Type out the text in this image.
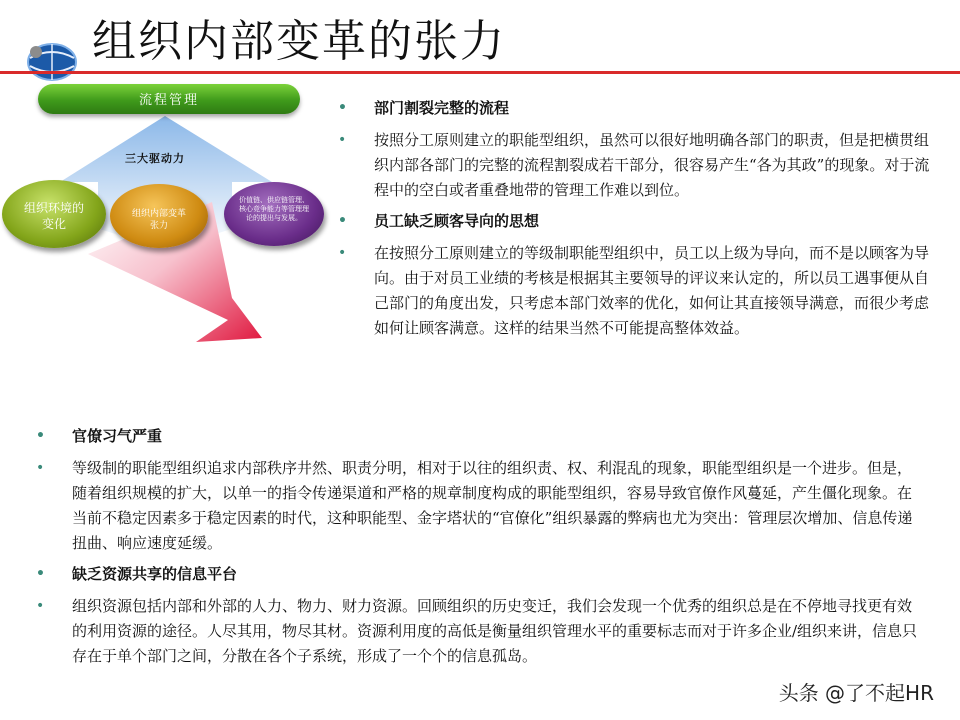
组织内部变革的张力
流程管理
三大驱动力
组织环境的
变化
组织内部变革
张力
价值链、供应链管理、核心竞争能力等管理理论的提出与发展。
• 部门割裂完整的流程
• 按照分工原则建立的职能型组织，虽然可以很好地明确各部门的职责，但是把横贯组织内部各部门的完整的流程割裂成若干部分，很容易产生“各为其政”的现象。对于流程中的空白或者重叠地带的管理工作难以到位。
• 员工缺乏顾客导向的思想
• 在按照分工原则建立的等级制职能型组织中，员工以上级为导向，而不是以顾客为导向。由于对员工业绩的考核是根据其主要领导的评议来认定的，所以员工遇事便从自己部门的角度出发，只考虑本部门效率的优化，如何让其直接领导满意，而很少考虑如何让顾客满意。这样的结果当然不可能提高整体效益。
• 官僚习气严重
• 等级制的职能型组织追求内部秩序井然、职责分明，相对于以往的组织责、权、利混乱的现象，职能型组织是一个进步。但是，随着组织规模的扩大，以单一的指令传递渠道和严格的规章制度构成的职能型组织，容易导致官僚作风蔓延，产生僵化现象。在当前不稳定因素多于稳定因素的时代，这种职能型、金字塔状的“官僚化”组织暴露的弊病也尤为突出：管理层次增加、信息传递扭曲、响应速度延缓。
• 缺乏资源共享的信息平台
• 组织资源包括内部和外部的人力、物力、财力资源。回顾组织的历史变迁，我们会发现一个优秀的组织总是在不停地寻找更有效的利用资源的途径。人尽其用，物尽其材。资源利用度的高低是衡量组织管理水平的重要标志而对于许多企业/组织来讲，信息只存在于单个部门之间，分散在各个子系统，形成了一个个的信息孤岛。
头条 @了不起HR
